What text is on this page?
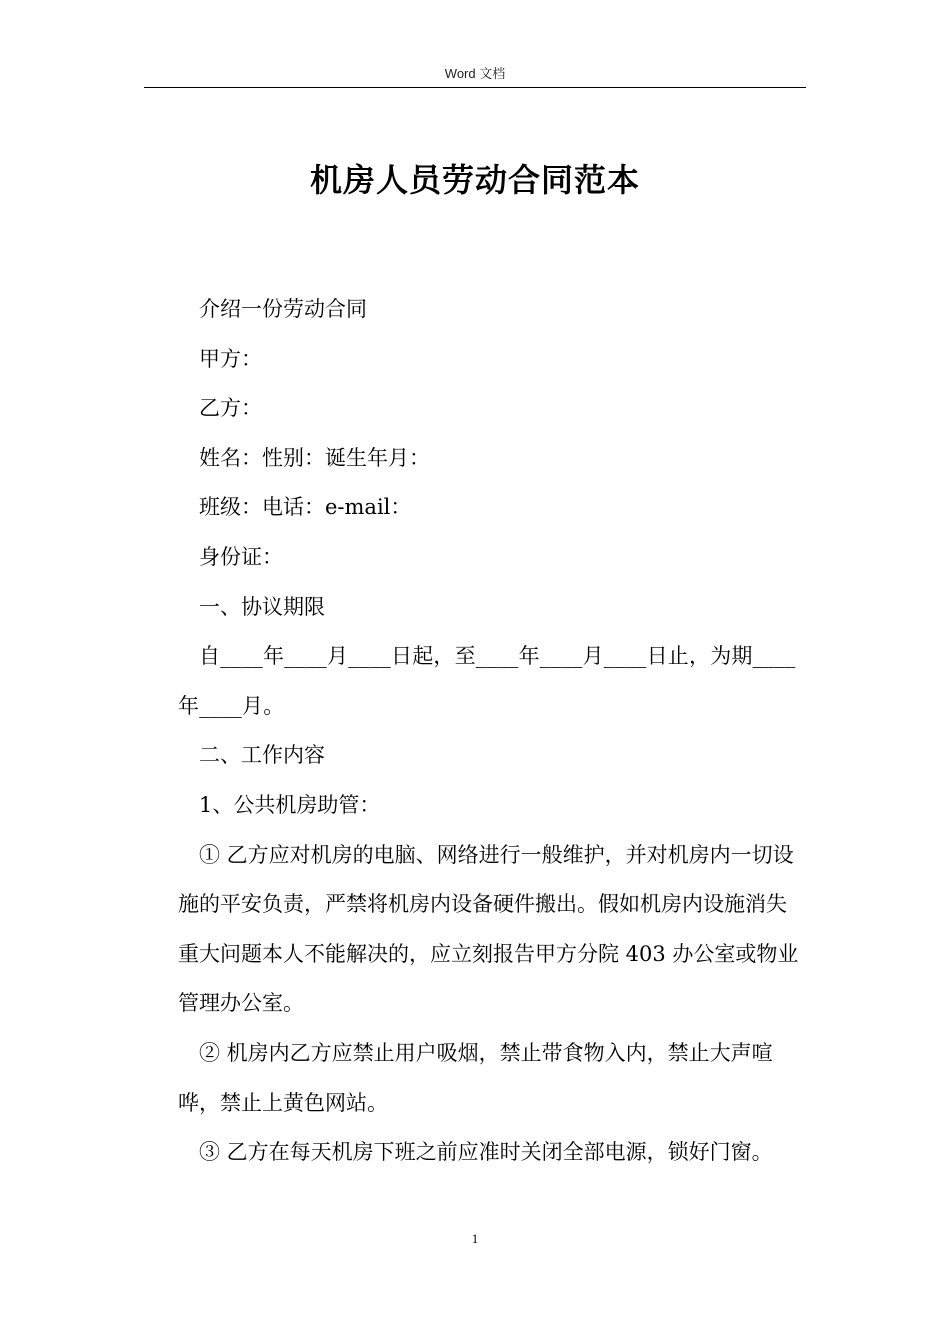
Word 文档
机房人员劳动合同范本

介绍一份劳动合同

甲方：

乙方：

姓名：性别：诞生年月：

班级：电话：e-mail：

身份证：

一、协议期限

自____年____月____日起，至____年____月____日止，为期____年____月。

二、工作内容

1、公共机房助管：

① 乙方应对机房的电脑、网络进行一般维护，并对机房内一切设施的平安负责，严禁将机房内设备硬件搬出。假如机房内设施消失重大问题本人不能解决的，应立刻报告甲方分院 403 办公室或物业管理办公室。

② 机房内乙方应禁止用户吸烟，禁止带食物入内，禁止大声喧哗，禁止上黄色网站。

③ 乙方在每天机房下班之前应准时关闭全部电源，锁好门窗。

1
